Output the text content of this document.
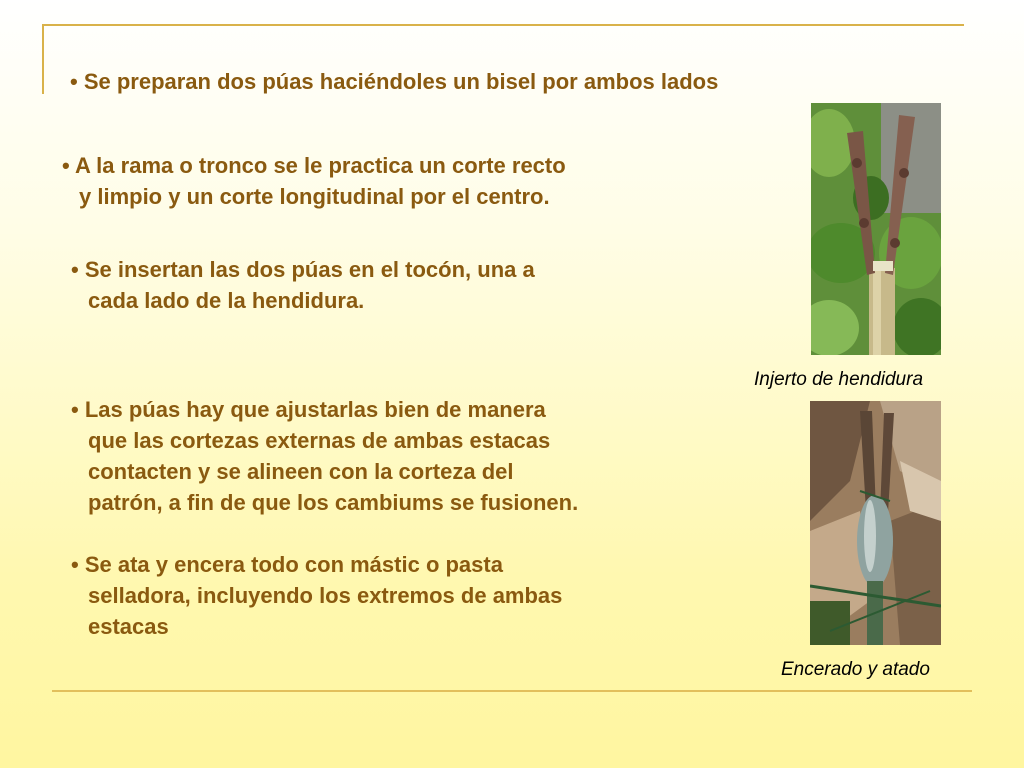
• Se preparan dos púas haciéndoles un bisel por ambos lados
• A la rama o tronco se le practica un corte recto
y limpio y un corte longitudinal por el centro.
• Se insertan las dos púas en el tocón, una a
cada lado de la hendidura.
• Las púas hay que ajustarlas bien de manera
que las cortezas externas de ambas estacas
contacten y se alineen con la corteza del
patrón, a fin de que los cambiums se fusionen.
• Se ata y encera todo con mástic o pasta
selladora, incluyendo los extremos de ambas
estacas
Injerto de hendidura
Encerado y atado
